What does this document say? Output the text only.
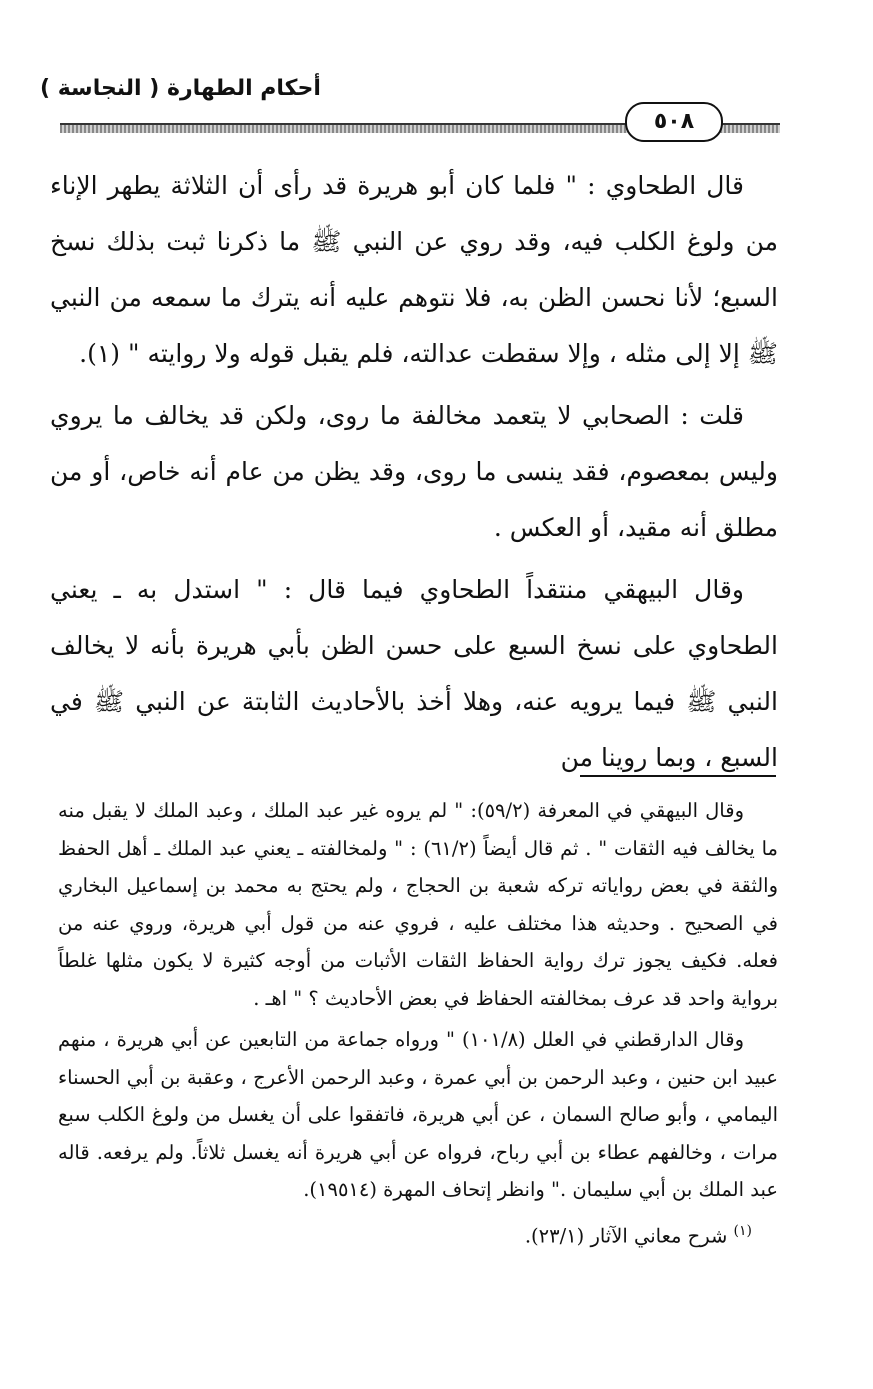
أحكام الطهارة ( النجاسة )
٥٠٨

قال الطحاوي : " فلما كان أبو هريرة قد رأى أن الثلاثة يطهر الإناء من ولوغ الكلب فيه، وقد روي عن النبي ﷺ ما ذكرنا ثبت بذلك نسخ السبع؛ لأنا نحسن الظن به، فلا نتوهم عليه أنه يترك ما سمعه من النبي ﷺ إلا إلى مثله ، وإلا سقطت عدالته، فلم يقبل قوله ولا روايته " (١).

قلت : الصحابي لا يتعمد مخالفة ما روى، ولكن قد يخالف ما يروي وليس بمعصوم، فقد ينسى ما روى، وقد يظن من عام أنه خاص، أو من مطلق أنه مقيد، أو العكس .

وقال البيهقي منتقداً الطحاوي فيما قال : " استدل به ـ يعني الطحاوي على نسخ السبع على حسن الظن بأبي هريرة بأنه لا يخالف النبي ﷺ فيما يرويه عنه، وهلا أخذ بالأحاديث الثابتة عن النبي ﷺ في السبع ، وبما روينا من

وقال البيهقي في المعرفة (٥٩/٢): " لم يروه غير عبد الملك ، وعبد الملك لا يقبل منه ما يخالف فيه الثقات " . ثم قال أيضاً (٦١/٢) : " ولمخالفته ـ يعني عبد الملك ـ أهل الحفظ والثقة في بعض رواياته تركه شعبة بن الحجاج ، ولم يحتج به محمد بن إسماعيل البخاري في الصحيح . وحديثه هذا مختلف عليه ، فروي عنه من قول أبي هريرة، وروي عنه من فعله. فكيف يجوز ترك رواية الحفاظ الثقات الأثبات من أوجه كثيرة لا يكون مثلها غلطاً برواية واحد قد عرف بمخالفته الحفاظ في بعض الأحاديث ؟ " اهـ .

وقال الدارقطني في العلل (١٠١/٨) " ورواه جماعة من التابعين عن أبي هريرة ، منهم عبيد ابن حنين ، وعبد الرحمن بن أبي عمرة ، وعبد الرحمن الأعرج ، وعقبة بن أبي الحسناء اليمامي ، وأبو صالح السمان ، عن أبي هريرة، فاتفقوا على أن يغسل من ولوغ الكلب سبع مرات ، وخالفهم عطاء بن أبي رباح، فرواه عن أبي هريرة أنه يغسل ثلاثاً. ولم يرفعه. قاله عبد الملك بن أبي سليمان ." وانظر إتحاف المهرة (١٩٥١٤).

$^{(١)}$ شرح معاني الآثار (٢٣/١).
